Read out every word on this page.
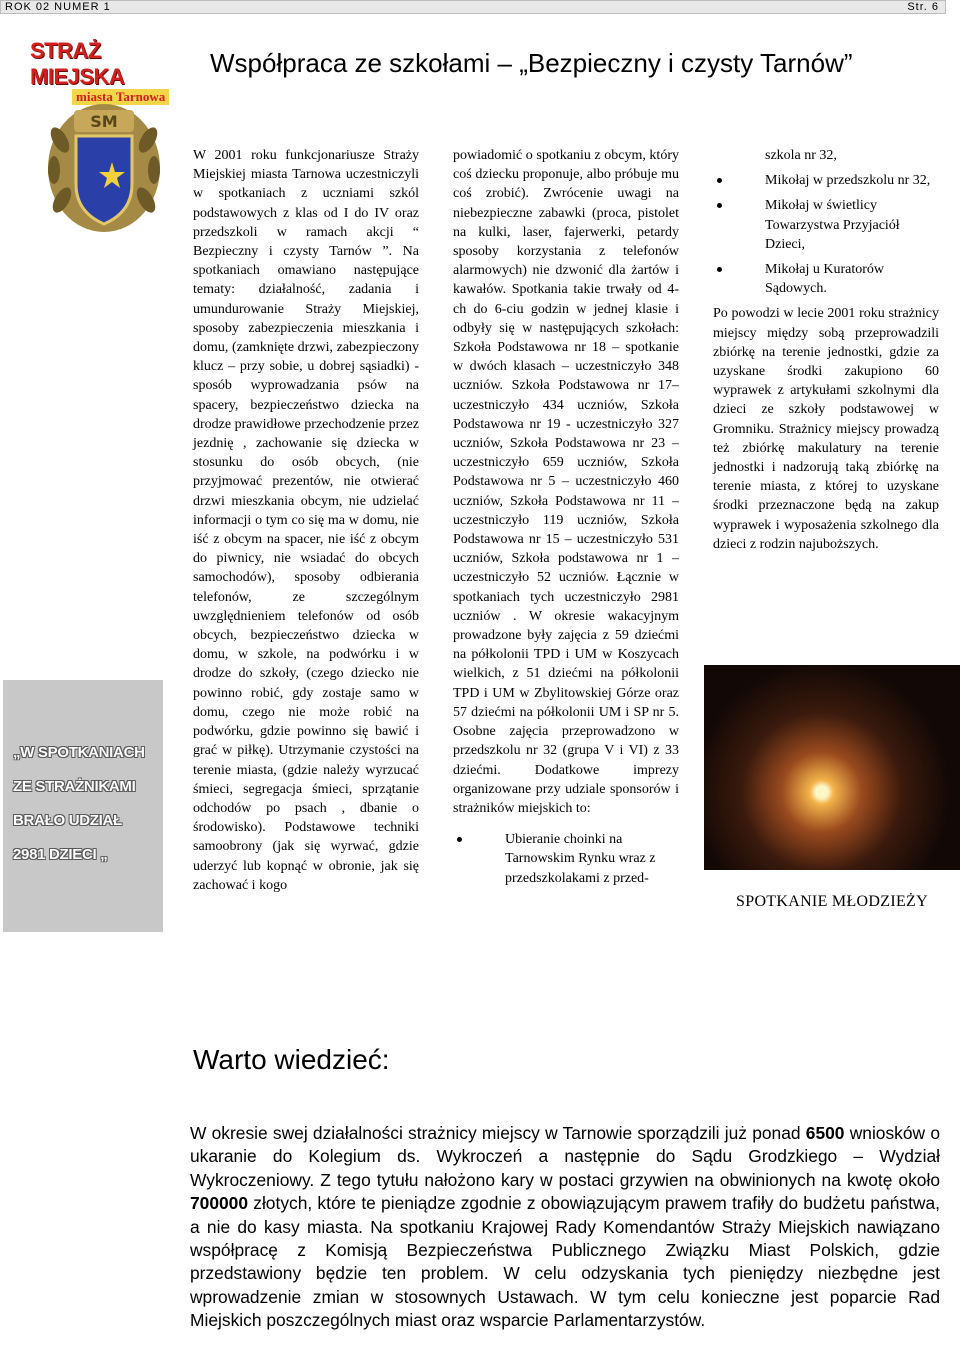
ROK 02 NUMER 1	Str. 6
STRAŻ MIEJSKA
miasta Tarnowa
SM
Współpraca ze szkołami – „Bezpieczny i czysty Tarnów”
„W SPOTKANIACH
ZE STRAŻNIKAMI
BRAŁO UDZIAŁ
2981 DZIECI „

W 2001 roku funkcjonariusze Straży Miejskiej miasta Tarnowa uczestniczyli w spotkaniach z uczniami szkól podstawowych z klas od I do IV oraz przedszkoli w ramach akcji “ Bezpieczny i czysty Tarnów ”. Na spotkaniach omawiano następujące tematy: działalność, zadania i umundurowanie Straży Miejskiej, sposoby zabezpieczenia mieszkania i domu, (zamknięte drzwi, zabezpieczony klucz – przy sobie, u dobrej sąsiadki) - sposób wyprowadzania psów na spacery, bezpieczeństwo dziecka na drodze prawidłowe przechodzenie przez jezdnię , zachowanie się dziecka w stosunku do osób obcych, (nie przyjmować prezentów, nie otwierać drzwi mieszkania obcym, nie udzielać informacji o tym co się ma w domu, nie iść z obcym na spacer, nie iść z obcym do piwnicy, nie wsiadać do obcych samochodów), sposoby odbierania telefonów, ze szczególnym uwzględnieniem telefonów od osób obcych, bezpieczeństwo dziecka w domu, w szkole, na podwórku i w drodze do szkoły, (czego dziecko nie powinno robić, gdy zostaje samo w domu, czego nie może robić na podwórku, gdzie powinno się bawić i grać w piłkę). Utrzymanie czystości na terenie miasta, (gdzie należy wyrzucać śmieci, segregacja śmieci, sprzątanie odchodów po psach , dbanie o środowisko). Podstawowe techniki samoobrony (jak się wyrwać, gdzie uderzyć lub kopnąć w obronie, jak się zachować i kogo

powiadomić o spotkaniu z obcym, który coś dziecku proponuje, albo próbuje mu coś zrobić). Zwrócenie uwagi na niebezpieczne zabawki (proca, pistolet na kulki, laser, fajerwerki, petardy sposoby korzystania z telefonów alarmowych) nie dzwonić dla żartów i kawałów. Spotkania takie trwały od 4-ch do 6-ciu godzin w jednej klasie i odbyły się w następujących szkołach: Szkoła Podstawowa nr 18 – spotkanie w dwóch klasach – uczestniczyło 348 uczniów. Szkoła Podstawowa nr 17– uczestniczyło 434 uczniów, Szkoła Podstawowa nr 19 - uczestniczyło 327 uczniów, Szkoła Podstawowa nr 23 – uczestniczyło 659 uczniów, Szkoła Podstawowa nr 5 – uczestniczyło 460 uczniów, Szkoła Podstawowa nr 11 – uczestniczyło 119 uczniów, Szkoła Podstawowa nr 15 – uczestniczyło 531 uczniów, Szkoła podstawowa nr 1 – uczestniczyło 52 uczniów. Łącznie w spotkaniach tych uczestniczyło 2981 uczniów . W okresie wakacyjnym prowadzone były zajęcia z 59 dziećmi na półkolonii TPD i UM w Koszycach wielkich, z 51 dziećmi na półkolonii TPD i UM w Zbylitowskiej Górze oraz 57 dziećmi na półkolonii UM i SP nr 5. Osobne zajęcia przeprowadzono w przedszkolu nr 32 (grupa V i VI) z 33 dziećmi. Dodatkowe imprezy organizowane przy udziale sponsorów i strażników miejskich to:

Ubieranie choinki na Tarnowskim Rynku wraz z przedszkolakami z przed-
szkola nr 32,
Mikołaj w przedszkolu nr 32,
Mikołaj w świetlicy Towarzystwa Przyjaciół Dzieci,
Mikołaj u Kuratorów Sądowych.

Po powodzi w lecie 2001 roku strażnicy miejscy między sobą przeprowadzili zbiórkę na terenie jednostki, gdzie za uzyskane środki zakupiono 60 wyprawek z artykułami szkolnymi dla dzieci ze szkoły podstawowej w Gromniku. Strażnicy miejscy prowadzą też zbiórkę makulatury na terenie jednostki i nadzorują taką zbiórkę na terenie miasta, z której to uzyskane środki przeznaczone będą na zakup wyprawek i wyposażenia szkolnego dla dzieci z rodzin najuboższych.

SPOTKANIE MŁODZIEŻY
Warto wiedzieć:
W okresie swej działalności strażnicy miejscy w Tarnowie sporządzili już ponad 6500 wniosków o ukaranie do Kolegium ds. Wykroczeń a następnie do Sądu Grodzkiego – Wydział Wykroczeniowy. Z tego tytułu nałożono kary w postaci grzywien na obwinionych na kwotę około 700000 złotych, które te pieniądze zgodnie z obowiązującym prawem trafiły do budżetu państwa, a nie do kasy miasta. Na spotkaniu Krajowej Rady Komendantów Straży Miejskich nawiązano współpracę z Komisją Bezpieczeństwa Publicznego Związku Miast Polskich, gdzie przedstawiony będzie ten problem. W celu odzyskania tych pieniędzy niezbędne jest wprowadzenie zmian w stosownych Ustawach. W tym celu konieczne jest poparcie Rad Miejskich poszczególnych miast oraz wsparcie Parlamentarzystów.
